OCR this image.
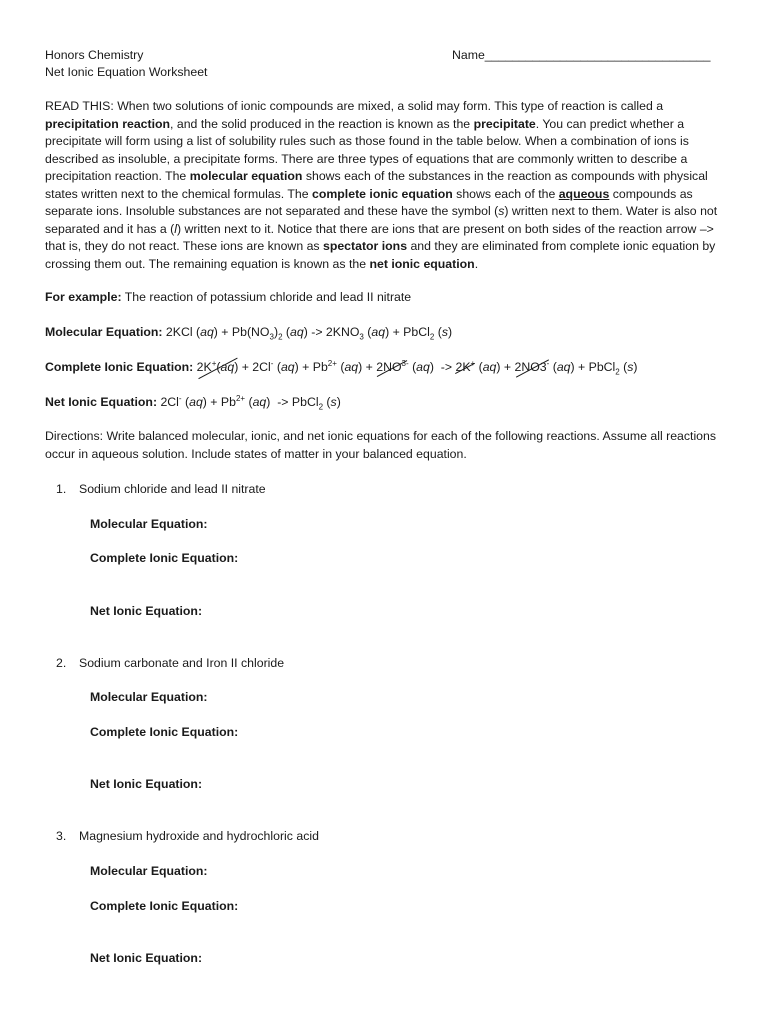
Honors Chemistry
Net Ionic Equation Worksheet
Name_________________________________

READ THIS: When two solutions of ionic compounds are mixed, a solid may form. This type of reaction is called a precipitation reaction, and the solid produced in the reaction is known as the precipitate. You can predict whether a precipitate will form using a list of solubility rules such as those found in the table below. When a combination of ions is described as insoluble, a precipitate forms. There are three types of equations that are commonly written to describe a precipitation reaction. The molecular equation shows each of the substances in the reaction as compounds with physical states written next to the chemical formulas. The complete ionic equation shows each of the aqueous compounds as separate ions. Insoluble substances are not separated and these have the symbol (s) written next to them. Water is also not separated and it has a (l) written next to it. Notice that there are ions that are present on both sides of the reaction arrow –> that is, they do not react. These ions are known as spectator ions and they are eliminated from complete ionic equation by crossing them out. The remaining equation is known as the net ionic equation.

For example: The reaction of potassium chloride and lead II nitrate
Molecular Equation: 2KCl $(aq) + Pb(NO_3)_2$ $(aq) -> 2KNO_3$ (aq) + PbCl$_2$ (s)
Complete Ionic Equation: 2K+(aq) + 2Cl- $(aq) + Pb^{2+}$ $(aq) + 2NO^{3-}$ (aq)  -> 2K+ (aq) + 2NO3- (aq) + PbCl$_2$ (s)
Net Ionic Equation: 2Cl- $(aq) + Pb^{2+}$ (aq)  -> PbCl$_2$ (s)
Directions: Write balanced molecular, ionic, and net ionic equations for each of the following reactions. Assume all reactions occur in aqueous solution. Include states of matter in your balanced equation.
1. Sodium chloride and lead II nitrate
Molecular Equation:
Complete Ionic Equation:
Net Ionic Equation:
2. Sodium carbonate and Iron II chloride
Molecular Equation:
Complete Ionic Equation:
Net Ionic Equation:
3. Magnesium hydroxide and hydrochloric acid
Molecular Equation:
Complete Ionic Equation:
Net Ionic Equation:
